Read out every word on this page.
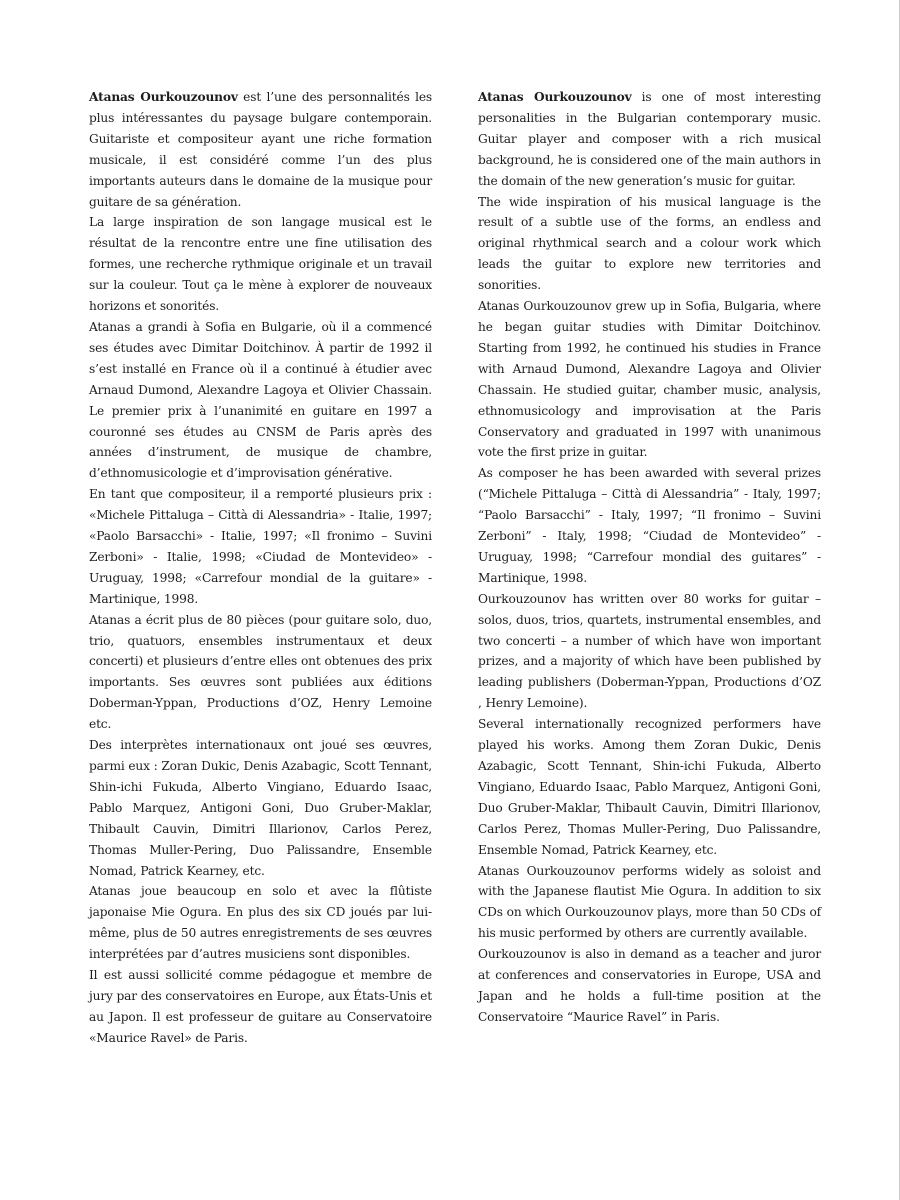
Atanas Ourkouzounov est l’une des personnalités les plus intéressantes du paysage bulgare contemporain. Guitariste et compositeur ayant une riche formation musicale, il est considéré comme l’un des plus importants auteurs dans le domaine de la musique pour guitare de sa génération.

La large inspiration de son langage musical est le résultat de la rencontre entre une fine utilisation des formes, une recherche rythmique originale et un travail sur la couleur. Tout ça le mène à explorer de nouveaux horizons et sonorités.

Atanas a grandi à Sofia en Bulgarie, où il a commencé ses études avec Dimitar Doitchinov. À partir de 1992 il s’est installé en France où il a continué à étudier avec Arnaud Dumond, Alexandre Lagoya et Olivier Chassain. Le premier prix à l’unanimité en guitare en 1997 a couronné ses études au CNSM de Paris après des années d’instrument, de musique de chambre, d’ethnomusicologie et d’improvisation générative.

En tant que compositeur, il a remporté plusieurs prix : «Michele Pittaluga – Città di Alessandria» - Italie, 1997; «Paolo Barsacchi» - Italie, 1997; «Il fronimo – Suvini Zerboni» - Italie, 1998; «Ciudad de Montevideo» - Uruguay, 1998; «Carrefour mondial de la guitare» - Martinique, 1998.

Atanas a écrit plus de 80 pièces (pour guitare solo, duo, trio, quatuors, ensembles instrumentaux et deux concerti) et plusieurs d’entre elles ont obtenues des prix importants. Ses œuvres sont publiées aux éditions Doberman-Yppan, Productions d’OZ, Henry Lemoine etc.

Des interprètes internationaux ont joué ses œuvres, parmi eux : Zoran Dukic, Denis Azabagic, Scott Tennant, Shin-ichi Fukuda, Alberto Vingiano, Eduardo Isaac, Pablo Marquez, Antigoni Goni, Duo Gruber-Maklar, Thibault Cauvin, Dimitri Illarionov, Carlos Perez, Thomas Muller-Pering, Duo Palissandre, Ensemble Nomad, Patrick Kearney, etc.

Atanas joue beaucoup en solo et avec la flûtiste japonaise Mie Ogura. En plus des six CD joués par lui-même, plus de 50 autres enregistrements de ses œuvres interprétées par d’autres musiciens sont disponibles.

Il est aussi sollicité comme pédagogue et membre de jury par des conservatoires en Europe, aux États-Unis et au Japon. Il est professeur de guitare au Conservatoire «Maurice Ravel» de Paris.

Atanas Ourkouzounov is one of most interesting personalities in the Bulgarian contemporary music. Guitar player and composer with a rich musical background, he is considered one of the main authors in the domain of the new generation’s music for guitar.

The wide inspiration of his musical language is the result of a subtle use of the forms, an endless and original rhythmical search and a colour work which leads the guitar to explore new territories and sonorities.

Atanas Ourkouzounov grew up in Sofia, Bulgaria, where he began guitar studies with Dimitar Doitchinov. Starting from 1992, he continued his studies in France with Arnaud Dumond, Alexandre Lagoya and Olivier Chassain. He studied guitar, chamber music, analysis, ethnomusicology and improvisation at the Paris Conservatory and graduated in 1997 with unanimous vote the first prize in guitar.

As composer he has been awarded with several prizes (“Michele Pittaluga – Città di Alessandria” - Italy, 1997; “Paolo Barsacchi” - Italy, 1997; “Il fronimo – Suvini Zerboni” - Italy, 1998; “Ciudad de Montevideo” - Uruguay, 1998; “Carrefour mondial des guitares” - Martinique, 1998.

Ourkouzounov has written over 80 works for guitar – solos, duos, trios, quartets, instrumental ensembles, and two concerti – a number of which have won important prizes, and a majority of which have been published by leading publishers (Doberman-Yppan, Productions d’OZ , Henry Lemoine).

Several internationally recognized performers have played his works. Among them Zoran Dukic, Denis Azabagic, Scott Tennant, Shin-ichi Fukuda, Alberto Vingiano, Eduardo Isaac, Pablo Marquez, Antigoni Goni, Duo Gruber-Maklar, Thibault Cauvin, Dimitri Illarionov, Carlos Perez, Thomas Muller-Pering, Duo Palissandre, Ensemble Nomad, Patrick Kearney, etc.

Atanas Ourkouzounov performs widely as soloist and with the Japanese flautist Mie Ogura. In addition to six CDs on which Ourkouzounov plays, more than 50 CDs of his music performed by others are currently available.

Ourkouzounov is also in demand as a teacher and juror at conferences and conservatories in Europe, USA and Japan and he holds a full-time position at the Conservatoire “Maurice Ravel” in Paris.
